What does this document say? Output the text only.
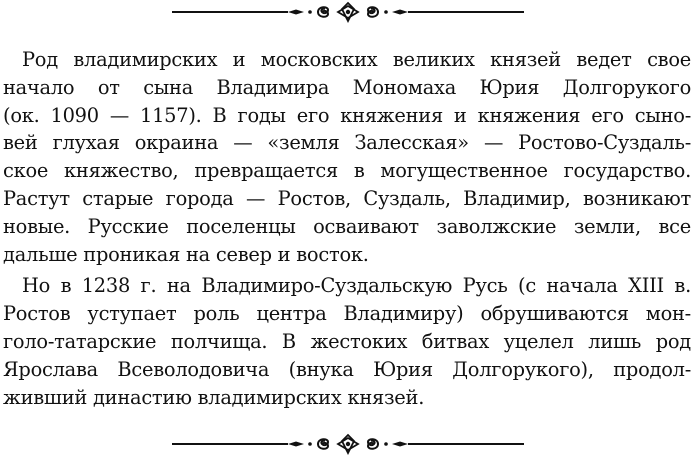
Род владимирских и московских великих князей ведет свое
начало от сына Владимира Мономаха Юрия Долгорукого
(ок. 1090 — 1157). В годы его княжения и княжения его сыно-
вей глухая окраина — «земля Залесская» — Ростово-Суздаль-
ское княжество, превращается в могущественное государство.
Растут старые города — Ростов, Суздаль, Владимир, возникают
новые. Русские поселенцы осваивают заволжские земли, все
дальше проникая на север и восток.

Но в 1238 г. на Владимиро-Суздальскую Русь (с начала XIII в.
Ростов уступает роль центра Владимиру) обрушиваются мон-
голо-татарские полчища. В жестоких битвах уцелел лишь род
Ярослава Всеволодовича (внука Юрия Долгорукого), продол-
живший династию владимирских князей.
